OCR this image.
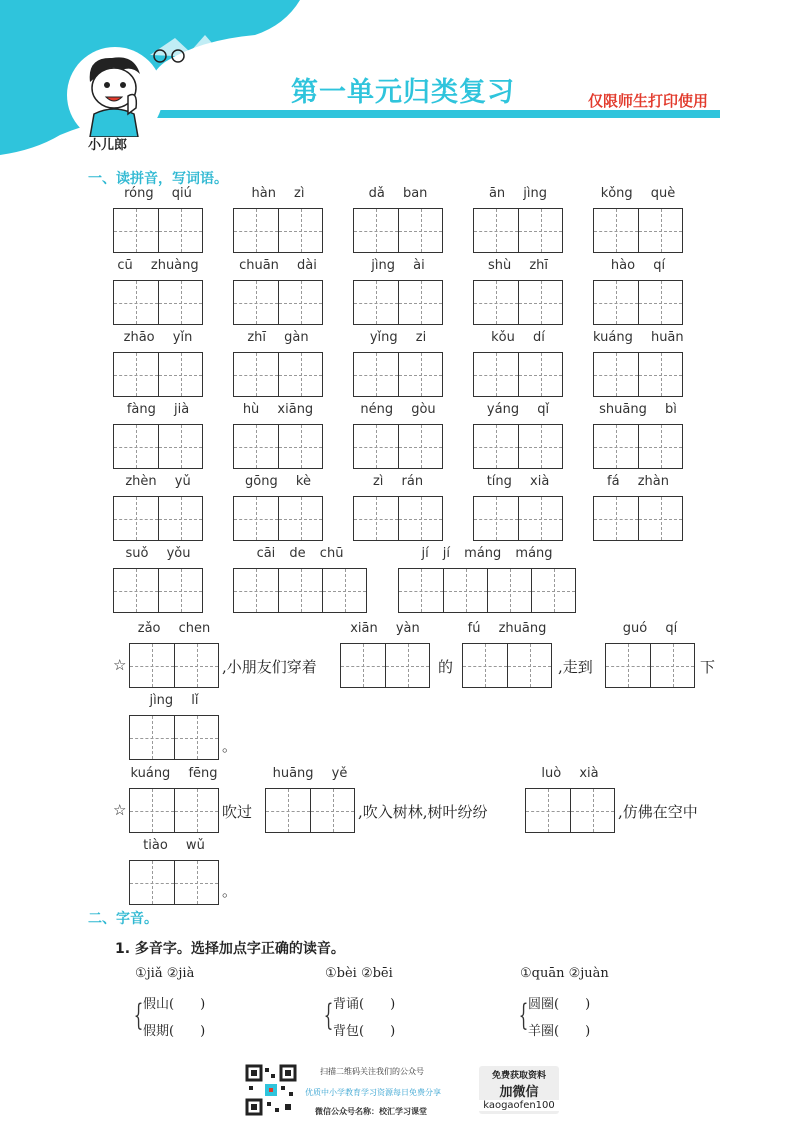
第一单元归类复习	仅限师生打印使用
小儿郎
一、读拼音，写词语。
róng qiú	hàn zì	dǎ ban	ān jìng	kǒng què
cū zhuàng	chuān dài	jìng ài	shù zhī	hào qí
zhāo yǐn	zhī gàn	yǐng zi	kǒu dí	kuáng huān
fàng jià	hù xiāng	néng gòu	yáng qǐ	shuāng bì
zhèn yǔ	gōng kè	zì rán	tíng xià	fá zhàn
suǒ yǒu	cāi de chū	jí jí máng máng
☆
zǎo chen	xiān yàn	fú zhuāng	guó qí
,小朋友们穿着	的	,走到	下
jìng lǐ
。
☆
kuáng fēng	huāng yě	luò xià
吹过	,吹入树林,树叶纷纷	,仿佛在空中
tiào wǔ
。
二、字音。
1. 多音字。选择加点字正确的读音。
①jiǎ ②jià
{ 假山(　　)
假期(　　)
①bèi ②bēi
{ 背诵(　　)
背包(　　)
①quān ②juàn
{ 圆圈(　　)
羊圈(　　)
扫描二维码关注我们的公众号
优质中小学教育学习资源每日免费分享
微信公众号名称：校汇学习课堂
免费获取资料
加微信
kaogaofen100
